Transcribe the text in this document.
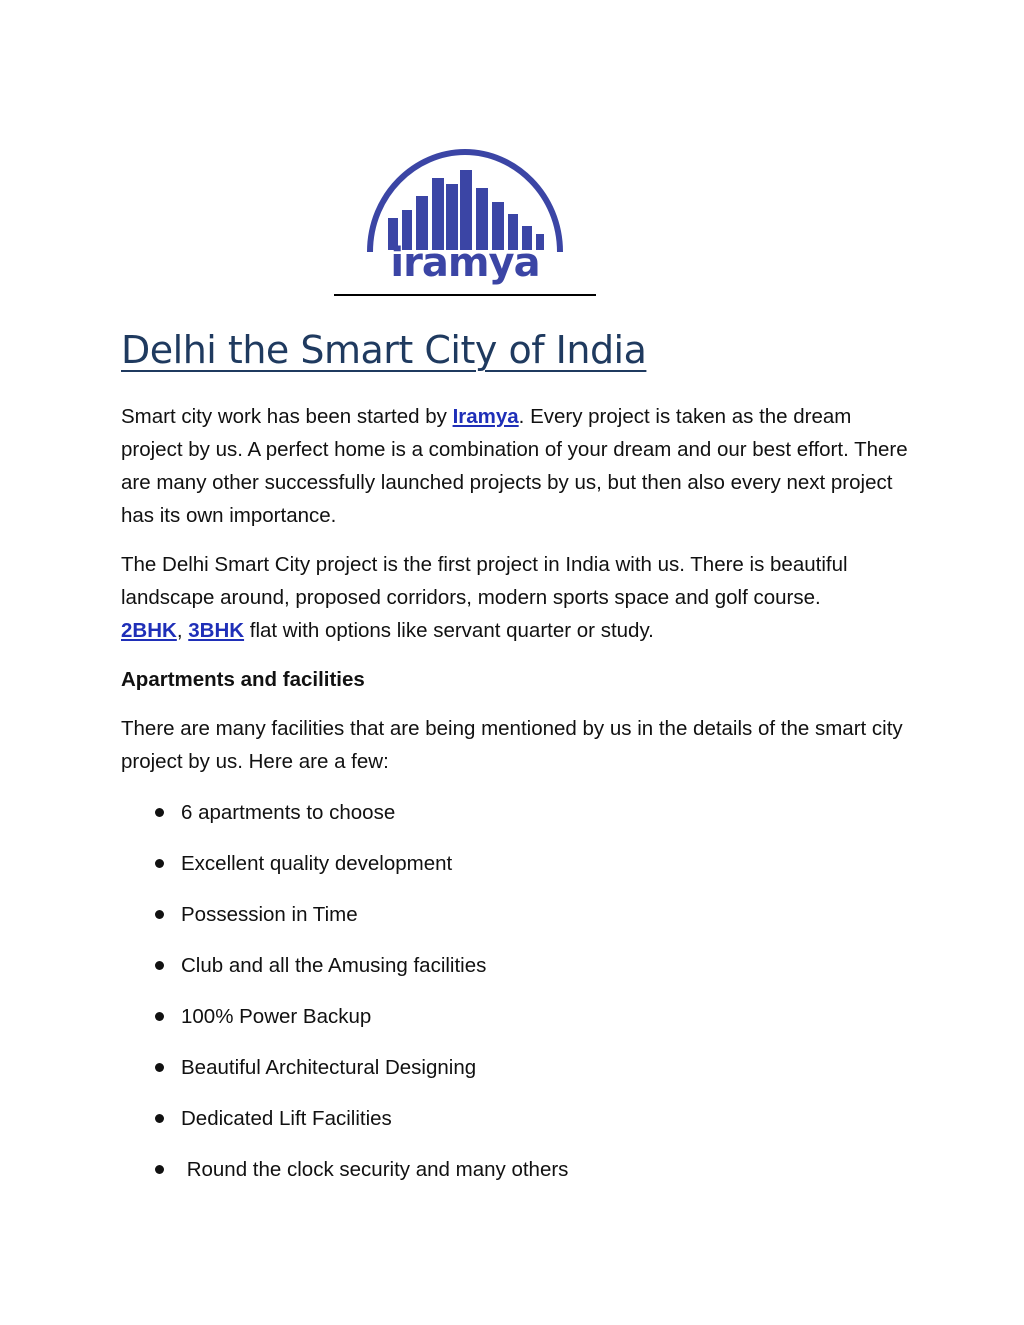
iramya
Delhi the Smart City of India

Smart city work has been started by Iramya. Every project is taken as the dream project by us. A perfect home is a combination of your dream and our best effort. There are many other successfully launched projects by us, but then also every next project has its own importance.

The Delhi Smart City project is the first project in India with us. There is beautiful landscape around, proposed corridors, modern sports space and golf course.
2BHK, 3BHK flat with options like servant quarter or study.

Apartments and facilities

There are many facilities that are being mentioned by us in the details of the smart city project by us. Here are a few:

6 apartments to choose
Excellent quality development
Possession in Time
Club and all the Amusing facilities
100% Power Backup
Beautiful Architectural Designing
Dedicated Lift Facilities
Round the clock security and many others
